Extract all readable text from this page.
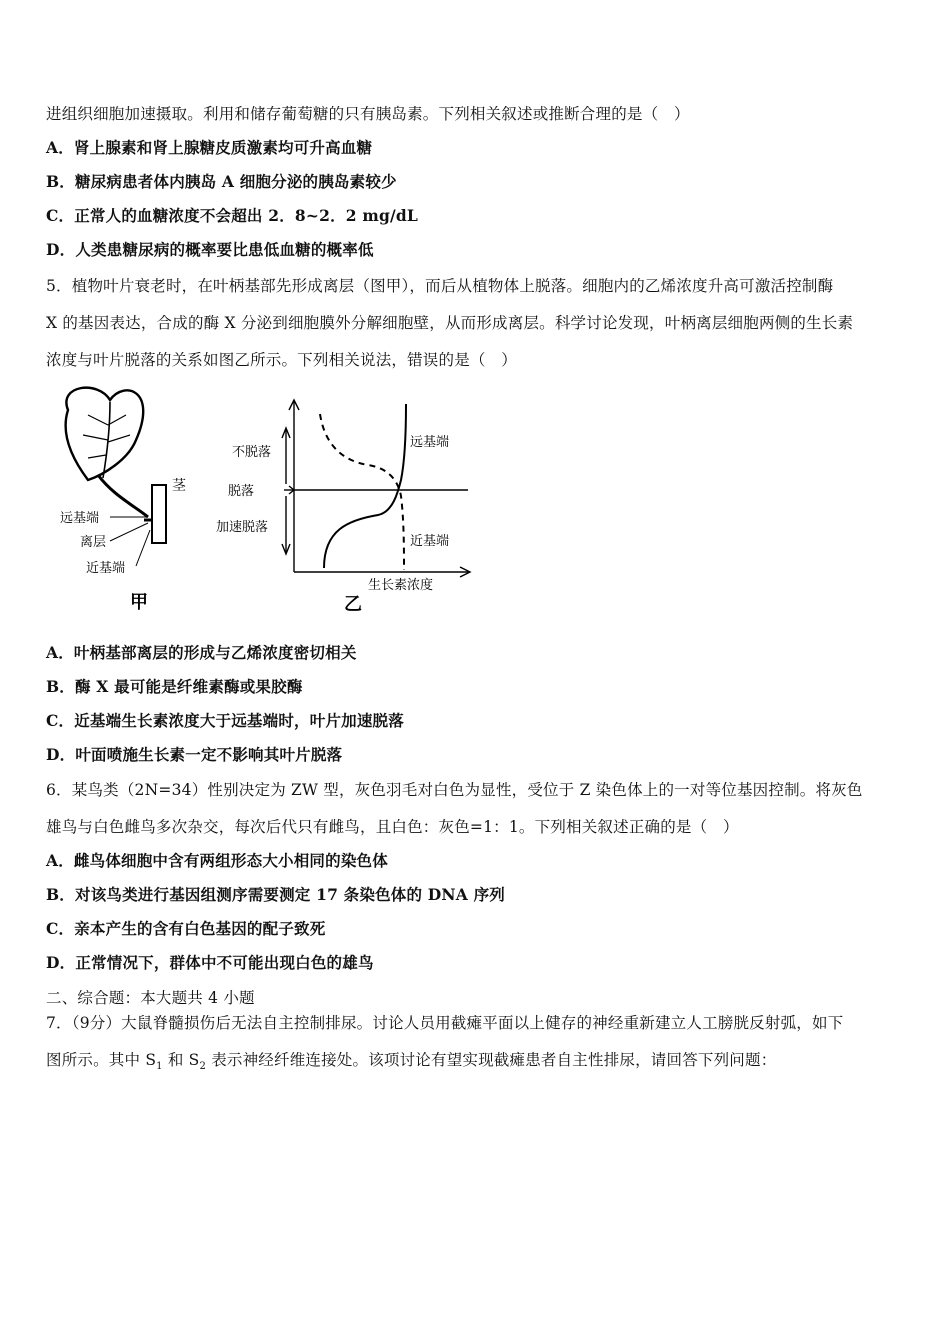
进组织细胞加速摄取。利用和储存葡萄糖的只有胰岛素。下列相关叙述或推断合理的是（　）
A．肾上腺素和肾上腺糖皮质激素均可升高血糖
B．糖尿病患者体内胰岛 A 细胞分泌的胰岛素较少
C．正常人的血糖浓度不会超出 2．8~2．2 mg/dL
D．人类患糖尿病的概率要比患低血糖的概率低
5．植物叶片衰老时，在叶柄基部先形成离层（图甲），而后从植物体上脱落。细胞内的乙烯浓度升高可激活控制酶
X 的基因表达，合成的酶 X 分泌到细胞膜外分解细胞壁，从而形成离层。科学讨论发现，叶柄离层细胞两侧的生长素
浓度与叶片脱落的关系如图乙所示。下列相关说法，错误的是（　）
茎
远基端
离层
近基端
甲
不脱落
脱落
加速脱落
远基端
近基端
生长素浓度
乙
A．叶柄基部离层的形成与乙烯浓度密切相关
B．酶 X 最可能是纤维素酶或果胶酶
C．近基端生长素浓度大于远基端时，叶片加速脱落
D．叶面喷施生长素一定不影响其叶片脱落
6．某鸟类（2N=34）性别决定为 ZW 型，灰色羽毛对白色为显性，受位于 Z 染色体上的一对等位基因控制。将灰色
雄鸟与白色雌鸟多次杂交，每次后代只有雌鸟，且白色：灰色=1：1。下列相关叙述正确的是（　）
A．雌鸟体细胞中含有两组形态大小相同的染色体
B．对该鸟类进行基因组测序需要测定 17 条染色体的 DNA 序列
C．亲本产生的含有白色基因的配子致死
D．正常情况下，群体中不可能出现白色的雄鸟
二、综合题：本大题共 4 小题
7．（9分）大鼠脊髓损伤后无法自主控制排尿。讨论人员用截瘫平面以上健存的神经重新建立人工膀胱反射弧，如下
图所示。其中 $S_1$ 和 $S_2$ 表示神经纤维连接处。该项讨论有望实现截瘫患者自主性排尿，请回答下列问题：
